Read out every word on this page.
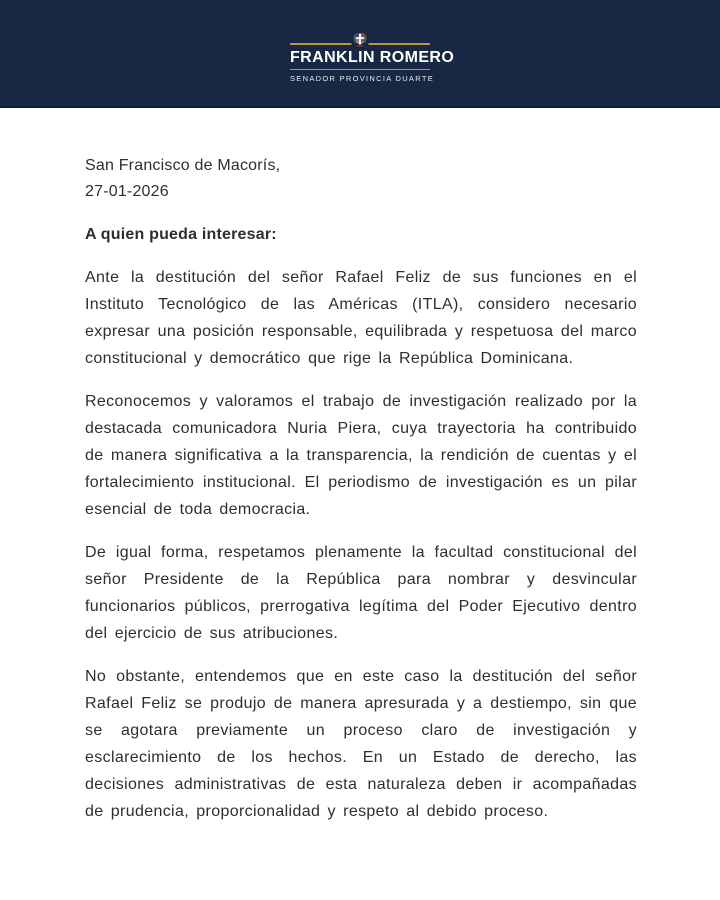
FRANKLIN ROMERO
SENADOR PROVINCIA DUARTE

San Francisco de Macorís,

27-01-2026

A quien pueda interesar:

Ante la destitución del señor Rafael Feliz de sus funciones en el Instituto Tecnológico de las Américas (ITLA), considero necesario expresar una posición responsable, equilibrada y respetuosa del marco constitucional y democrático que rige la República Dominicana.

Reconocemos y valoramos el trabajo de investigación realizado por la destacada comunicadora Nuria Piera, cuya trayectoria ha contribuido de manera significativa a la transparencia, la rendición de cuentas y el fortalecimiento institucional. El periodismo de investigación es un pilar esencial de toda democracia.

De igual forma, respetamos plenamente la facultad constitucional del señor Presidente de la República para nombrar y desvincular funcionarios públicos, prerrogativa legítima del Poder Ejecutivo dentro del ejercicio de sus atribuciones.

No obstante, entendemos que en este caso la destitución del señor Rafael Feliz se produjo de manera apresurada y a destiempo, sin que se agotara previamente un proceso claro de investigación y esclarecimiento de los hechos. En un Estado de derecho, las decisiones administrativas de esta naturaleza deben ir acompañadas de prudencia, proporcionalidad y respeto al debido proceso.
